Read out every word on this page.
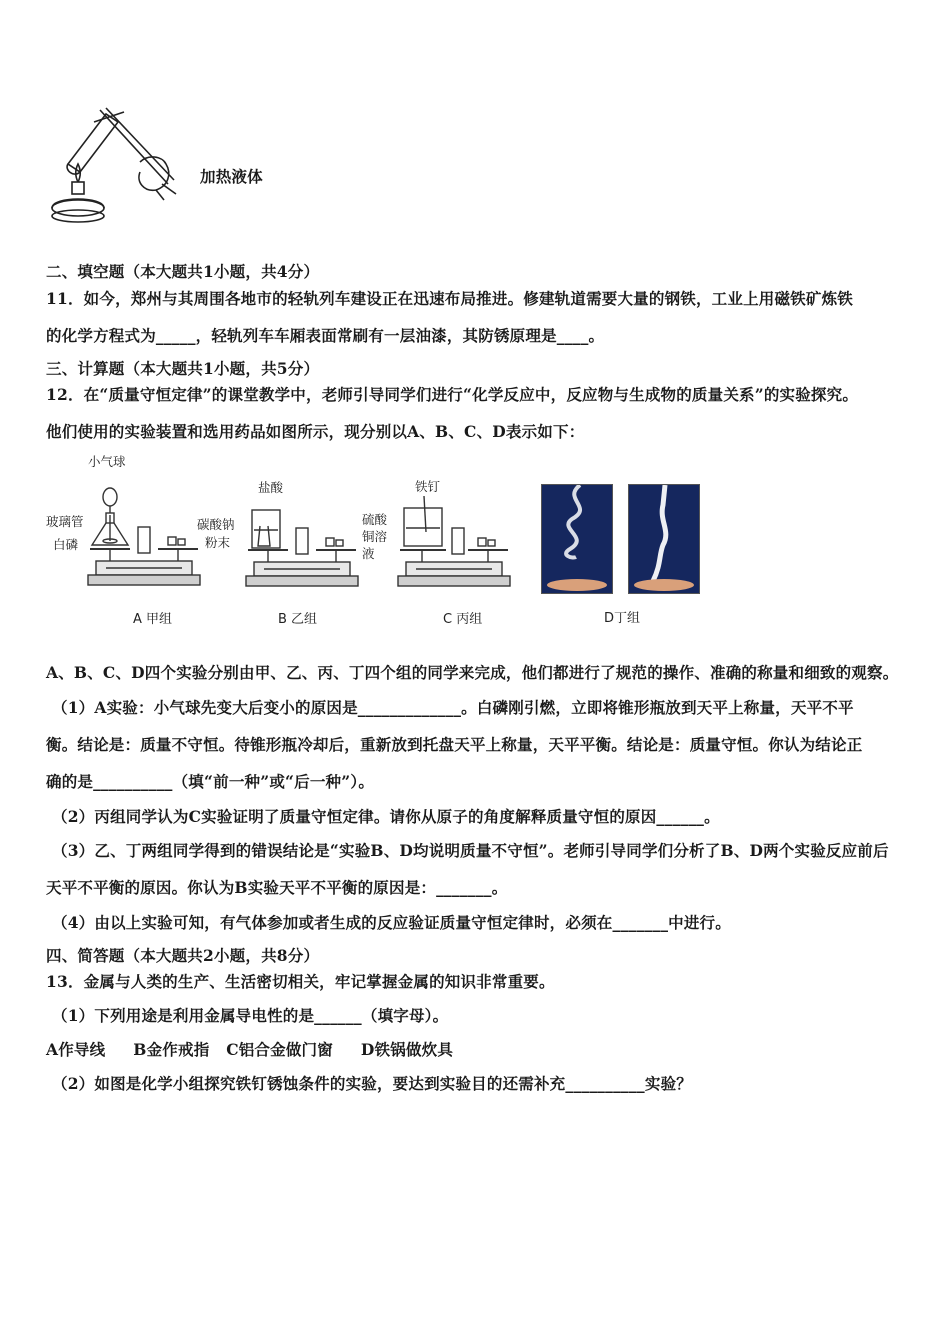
加热液体
二、填空题（本大题共1小题，共4分）
11．如今，郑州与其周围各地市的轻轨列车建设正在迅速布局推进。修建轨道需要大量的钢铁，工业上用磁铁矿炼铁
的化学方程式为_____，轻轨列车车厢表面常刷有一层油漆，其防锈原理是____。
三、计算题（本大题共1小题，共5分）
12．在“质量守恒定律”的课堂教学中，老师引导同学们进行“化学反应中，反应物与生成物的质量关系”的实验探究。
他们使用的实验装置和选用药品如图所示，现分别以A、B、C、D表示如下：
小气球
玻璃管
白磷
A 甲组
盐酸
碳酸钠
粉末
B 乙组
铁钉
硫酸
铜溶
液
C 丙组	D丁组
A、B、C、D四个实验分别由甲、乙、丙、丁四个组的同学来完成，他们都进行了规范的操作、准确的称量和细致的观察。
（1）A实验：小气球先变大后变小的原因是_____________。白磷刚引燃，立即将锥形瓶放到天平上称量，天平不平
衡。结论是：质量不守恒。待锥形瓶冷却后，重新放到托盘天平上称量，天平平衡。结论是：质量守恒。你认为结论正
确的是__________（填“前一种”或“后一种”）。
（2）丙组同学认为C实验证明了质量守恒定律。请你从原子的角度解释质量守恒的原因______。
（3）乙、丁两组同学得到的错误结论是“实验B、D均说明质量不守恒”。老师引导同学们分析了B、D两个实验反应前后
天平不平衡的原因。你认为B实验天平不平衡的原因是：_______。
（4）由以上实验可知，有气体参加或者生成的反应验证质量守恒定律时，必须在_______中进行。
四、简答题（本大题共2小题，共8分）
13．金属与人类的生产、生活密切相关，牢记掌握金属的知识非常重要。
（1）下列用途是利用金属导电性的是______（填字母）。
A作导线     B金作戒指   C铝合金做门窗     D铁锅做炊具
（2）如图是化学小组探究铁钉锈蚀条件的实验，要达到实验目的还需补充__________实验？
